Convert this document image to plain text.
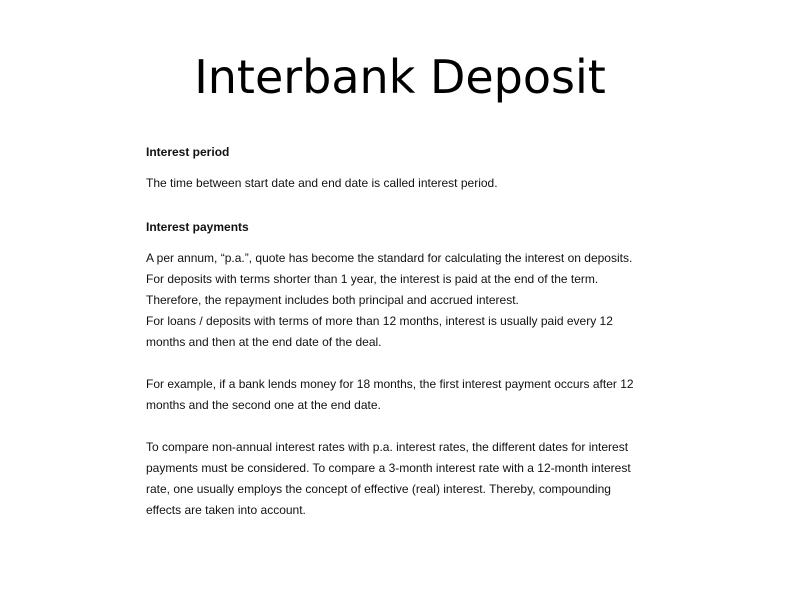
Interbank Deposit
Interest period

The time between start date and end date is called interest period.

Interest payments

A per annum, “p.a.”, quote has become the standard for calculating the interest on deposits.
For deposits with terms shorter than 1 year, the interest is paid at the end of the term.
Therefore, the repayment includes both principal and accrued interest.
For loans / deposits with terms of more than 12 months, interest is usually paid every 12
months and then at the end date of the deal.

For example, if a bank lends money for 18 months, the first interest payment occurs after 12
months and the second one at the end date.

To compare non-annual interest rates with p.a. interest rates, the different dates for interest
payments must be considered. To compare a 3-month interest rate with a 12-month interest
rate, one usually employs the concept of effective (real) interest. Thereby, compounding
effects are taken into account.
